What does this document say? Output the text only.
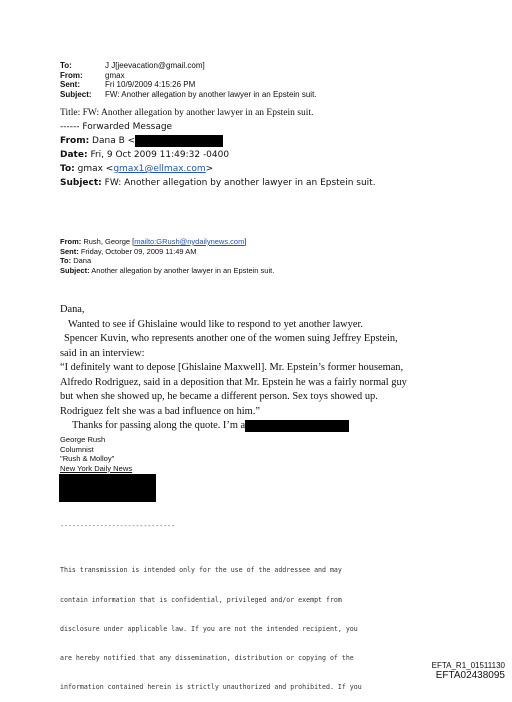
To:	J J[jeevacation@gmail.com]
From:	gmax
Sent:	Fri 10/9/2009 4:15:26 PM
Subject:	FW: Another allegation by another lawyer in an Epstein suit.
Title: FW: Another allegation by another lawyer in an Epstein suit.
------ Forwarded Message
From: Dana B <
Date: Fri, 9 Oct 2009 11:49:32 -0400
To: gmax <gmax1@ellmax.com>
Subject: FW: Another allegation by another lawyer in an Epstein suit.
From: Rush, George [mailto:GRush@nydailynews.com]
Sent: Friday, October 09, 2009 11:49 AM
To: Dana
Subject: Another allegation by another lawyer in an Epstein suit.
Dana,
Wanted to see if Ghislaine would like to respond to yet another lawyer.
Spencer Kuvin, who represents another one of the women suing Jeffrey Epstein,
said in an interview:
“I definitely want to depose [Ghislaine Maxwell]. Mr. Epstein’s former houseman,
Alfredo Rodriguez, said in a deposition that Mr. Epstein he was a fairly normal guy
but when she showed up, he became a different person. Sex toys showed up.
Rodriguez felt she was a bad influence on him.”
Thanks for passing along the quote. I’m a
George Rush
Columnist
"Rush & Molloy"
New York Daily News
-----------------------------

This transmission is intended only for the use of the addressee and may

contain information that is confidential, privileged and/or exempt from

disclosure under applicable law. If you are not the intended recipient, you

are hereby notified that any dissemination, distribution or copying of the

information contained herein is strictly unauthorized and prohibited. If you

EFTA_R1_01511130
EFTA02438095
